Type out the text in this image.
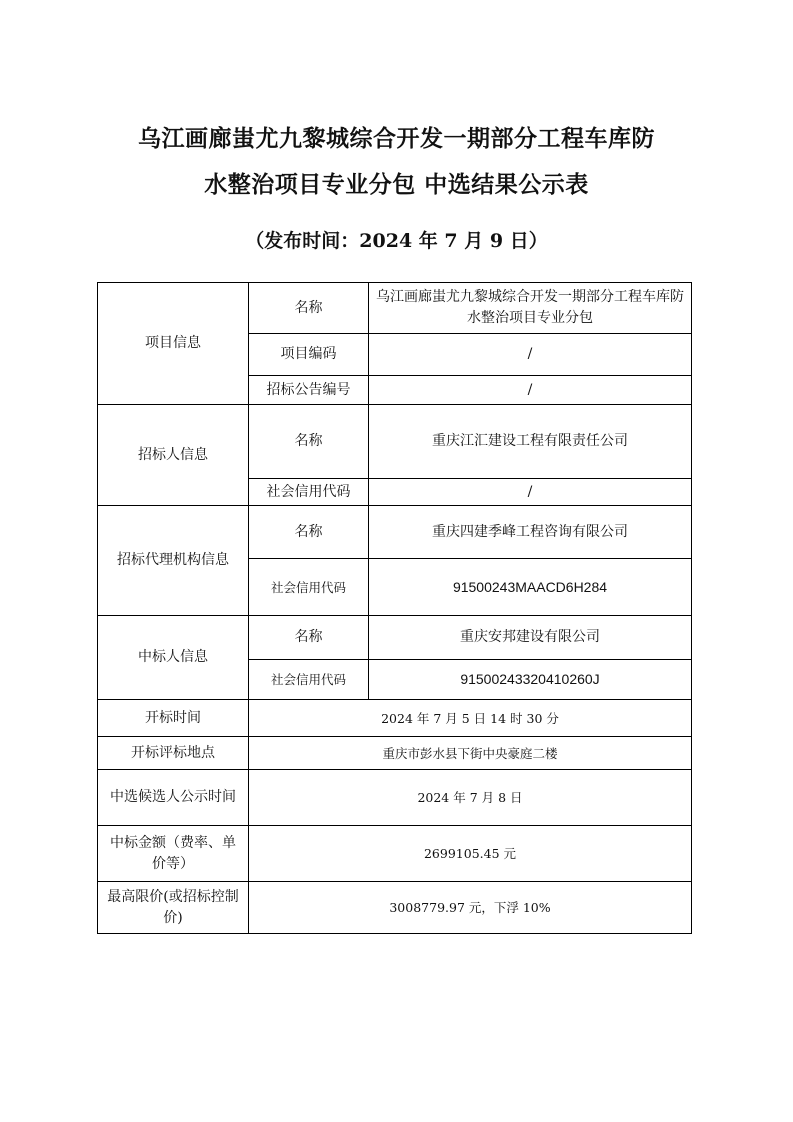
乌江画廊蚩尤九黎城综合开发一期部分工程车库防
水整治项目专业分包 中选结果公示表
（发布时间：2024 年 7 月 9 日）
项目信息	名称	乌江画廊蚩尤九黎城综合开发一期部分工程车库防水整治项目专业分包
	项目编码	/
	招标公告编号	/
招标人信息	名称	重庆江汇建设工程有限责任公司
	社会信用代码	/
招标代理机构信息	名称	重庆四建季峰工程咨询有限公司
	社会信用代码	91500243MAACD6H284
中标人信息	名称	重庆安邦建设有限公司
	社会信用代码	91500243320410260J
开标时间	2024 年 7 月 5 日 14 时 30 分	
开标评标地点	重庆市彭水县下街中央豪庭二楼	
中选候选人公示时间	2024 年 7 月 8 日	
中标金额（费率、单价等）	2699105.45 元	
最高限价(或招标控制价)	3008779.97 元，下浮 10%	
